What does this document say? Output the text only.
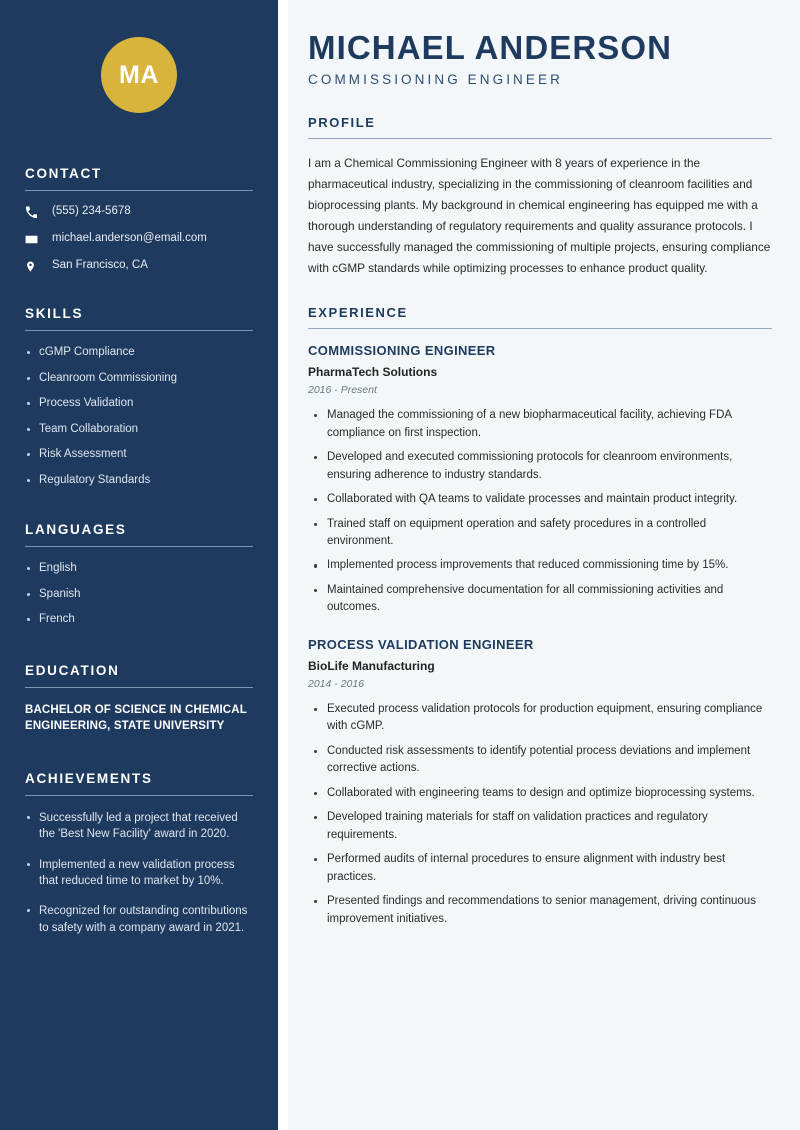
MA
CONTACT
(555) 234-5678
michael.anderson@email.com
San Francisco, CA
SKILLS
cGMP Compliance
Cleanroom Commissioning
Process Validation
Team Collaboration
Risk Assessment
Regulatory Standards
LANGUAGES
English
Spanish
French
EDUCATION
BACHELOR OF SCIENCE IN CHEMICAL ENGINEERING, STATE UNIVERSITY
ACHIEVEMENTS
Successfully led a project that received the 'Best New Facility' award in 2020.
Implemented a new validation process that reduced time to market by 10%.
Recognized for outstanding contributions to safety with a company award in 2021.
MICHAEL ANDERSON
COMMISSIONING ENGINEER
PROFILE

I am a Chemical Commissioning Engineer with 8 years of experience in the pharmaceutical industry, specializing in the commissioning of cleanroom facilities and bioprocessing plants. My background in chemical engineering has equipped me with a thorough understanding of regulatory requirements and quality assurance protocols. I have successfully managed the commissioning of multiple projects, ensuring compliance with cGMP standards while optimizing processes to enhance product quality.

EXPERIENCE
COMMISSIONING ENGINEER
PharmaTech Solutions
2016 - Present
Managed the commissioning of a new biopharmaceutical facility, achieving FDA compliance on first inspection.
Developed and executed commissioning protocols for cleanroom environments, ensuring adherence to industry standards.
Collaborated with QA teams to validate processes and maintain product integrity.
Trained staff on equipment operation and safety procedures in a controlled environment.
Implemented process improvements that reduced commissioning time by 15%.
Maintained comprehensive documentation for all commissioning activities and outcomes.
PROCESS VALIDATION ENGINEER
BioLife Manufacturing
2014 - 2016
Executed process validation protocols for production equipment, ensuring compliance with cGMP.
Conducted risk assessments to identify potential process deviations and implement corrective actions.
Collaborated with engineering teams to design and optimize bioprocessing systems.
Developed training materials for staff on validation practices and regulatory requirements.
Performed audits of internal procedures to ensure alignment with industry best practices.
Presented findings and recommendations to senior management, driving continuous improvement initiatives.
